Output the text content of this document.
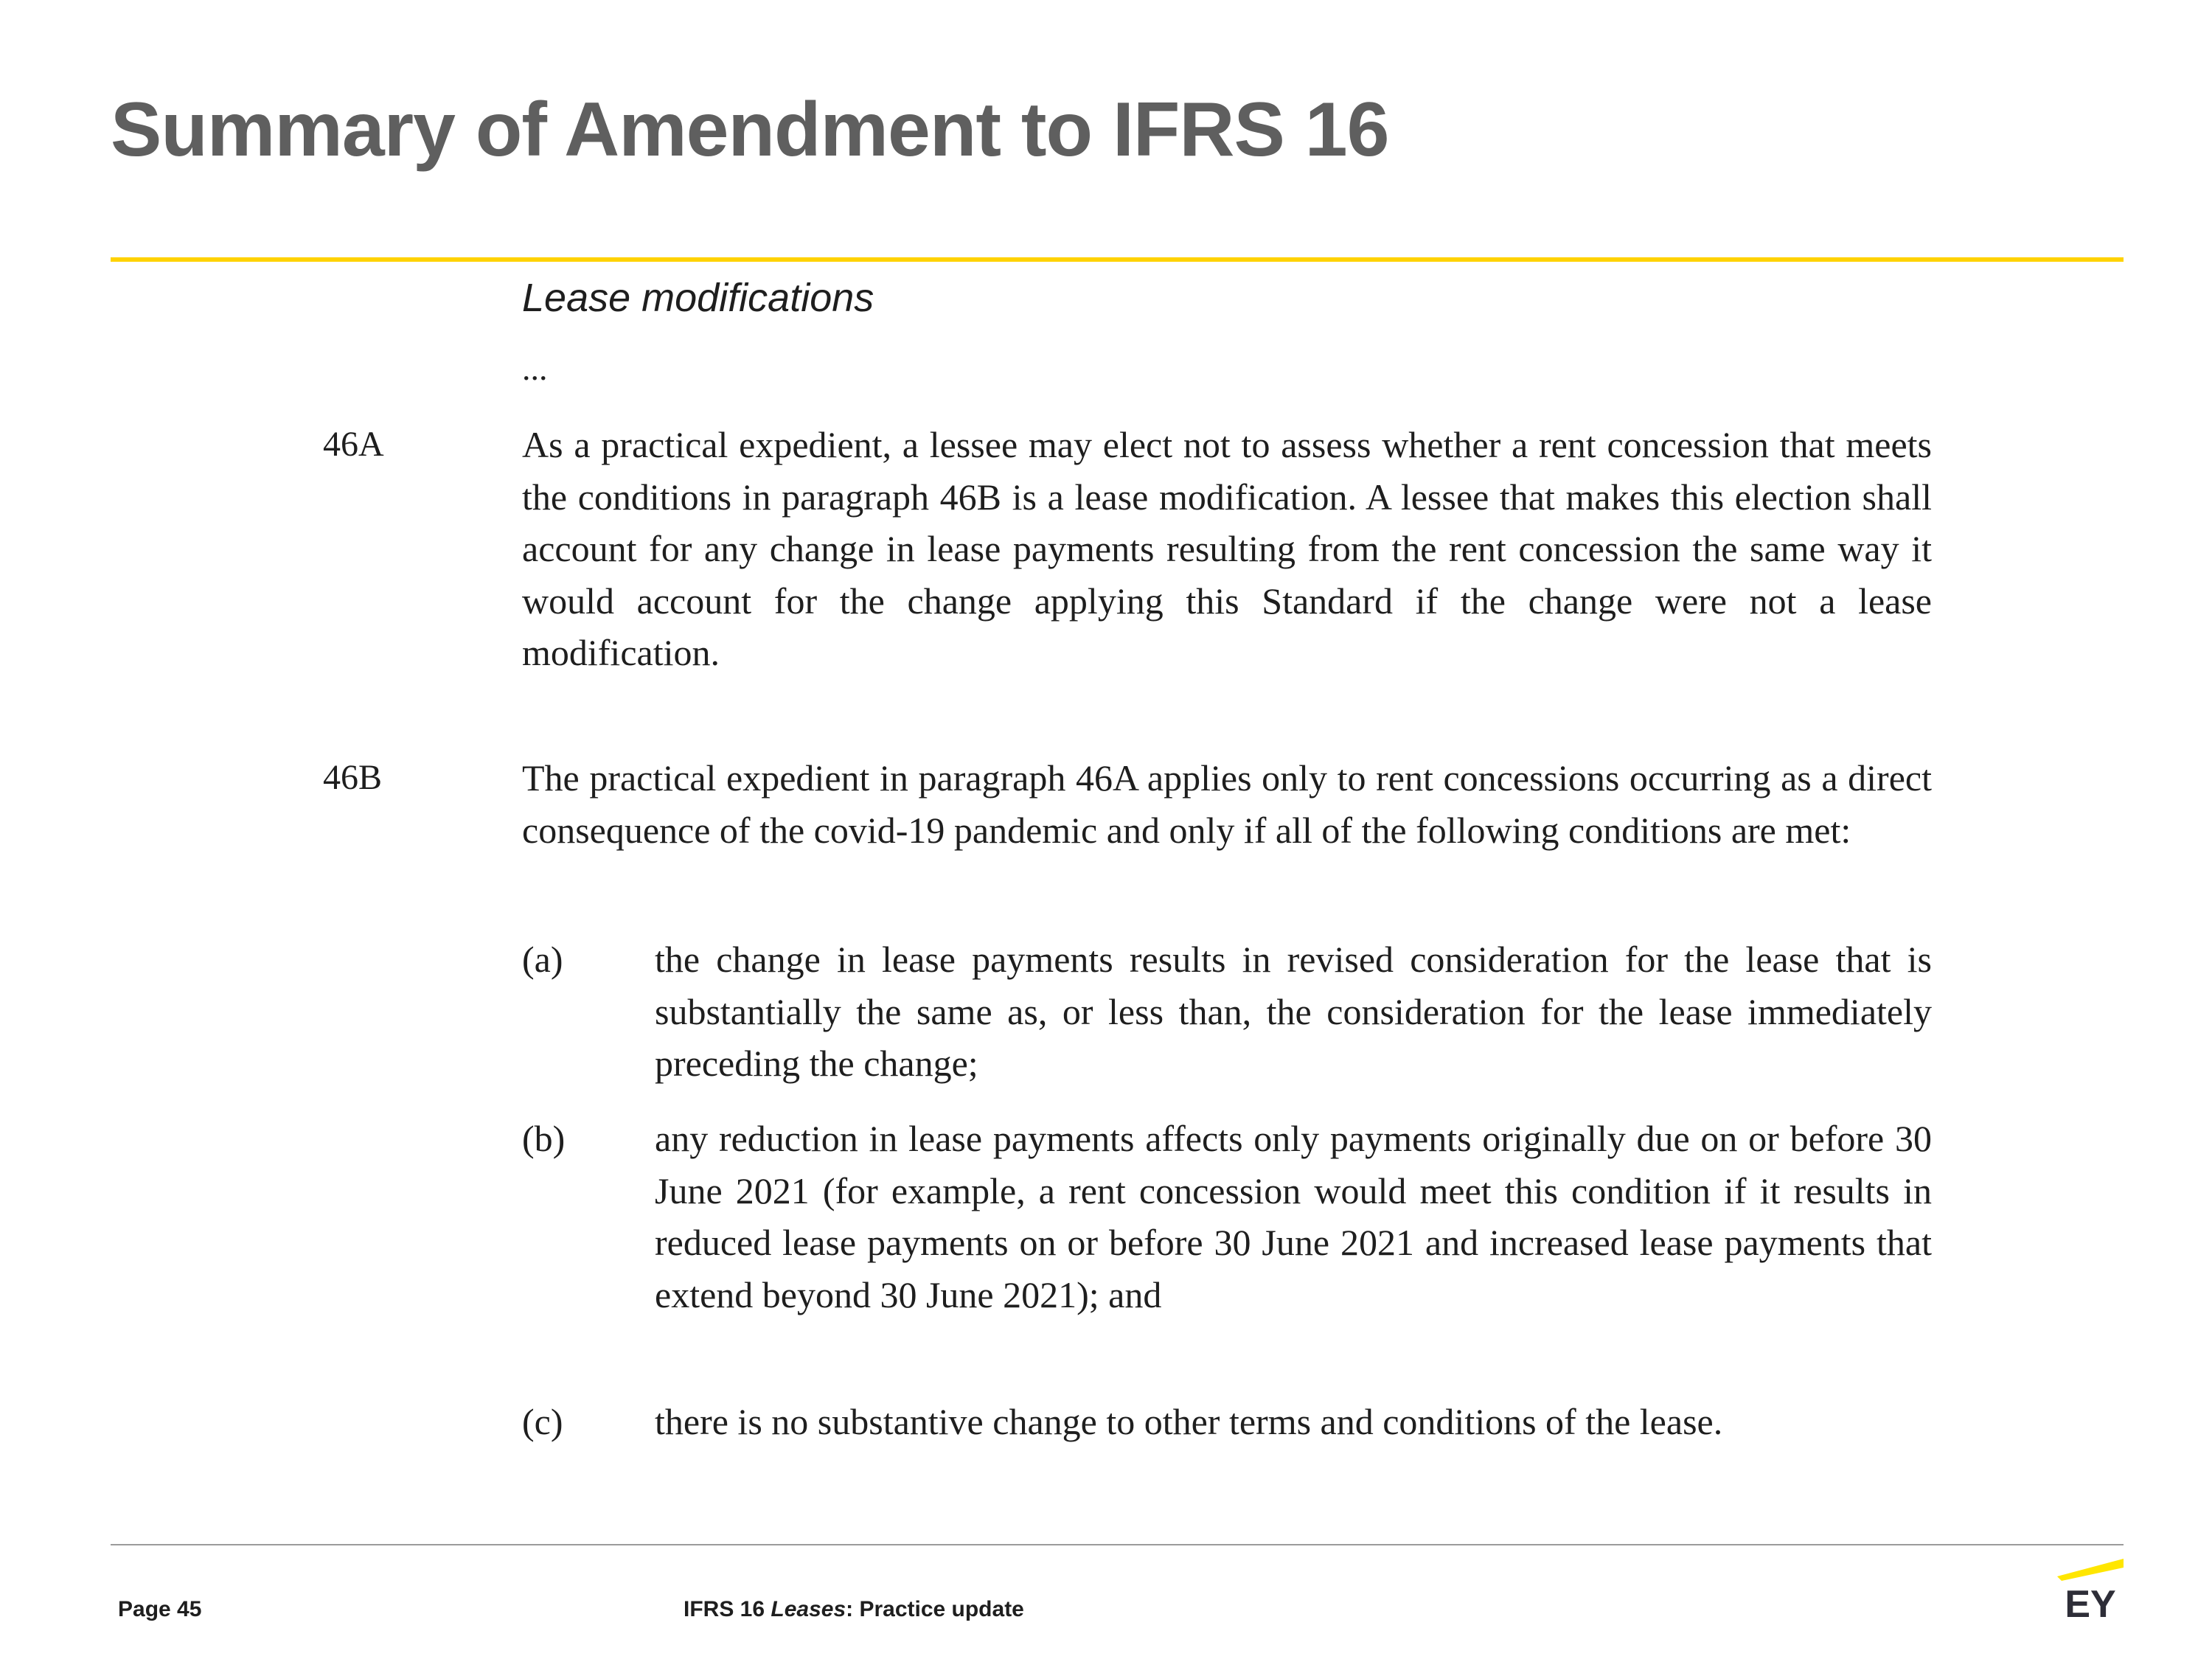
Summary of Amendment to IFRS 16
Lease modifications
...
46A	As a practical expedient, a lessee may elect not to assess whether a rent concession that meets the conditions in paragraph 46B is a lease modification. A lessee that makes this election shall account for any change in lease payments resulting from the rent concession the same way it would account for the change applying this Standard if the change were not a lease modification.

46B	The practical expedient in paragraph 46A applies only to rent concessions occurring as a direct consequence of the covid-19 pandemic and only if all of the following conditions are met:

(a) the change in lease payments results in revised consideration for the lease that is substantially the same as, or less than, the consideration for the lease immediately preceding the change;

(b) any reduction in lease payments affects only payments originally due on or before 30 June 2021 (for example, a rent concession would meet this condition if it results in reduced lease payments on or before 30 June 2021 and increased lease payments that extend beyond 30 June 2021); and

(c) there is no substantive change to other terms and conditions of the lease.

Page 45	IFRS 16 Leases: Practice update	EY
